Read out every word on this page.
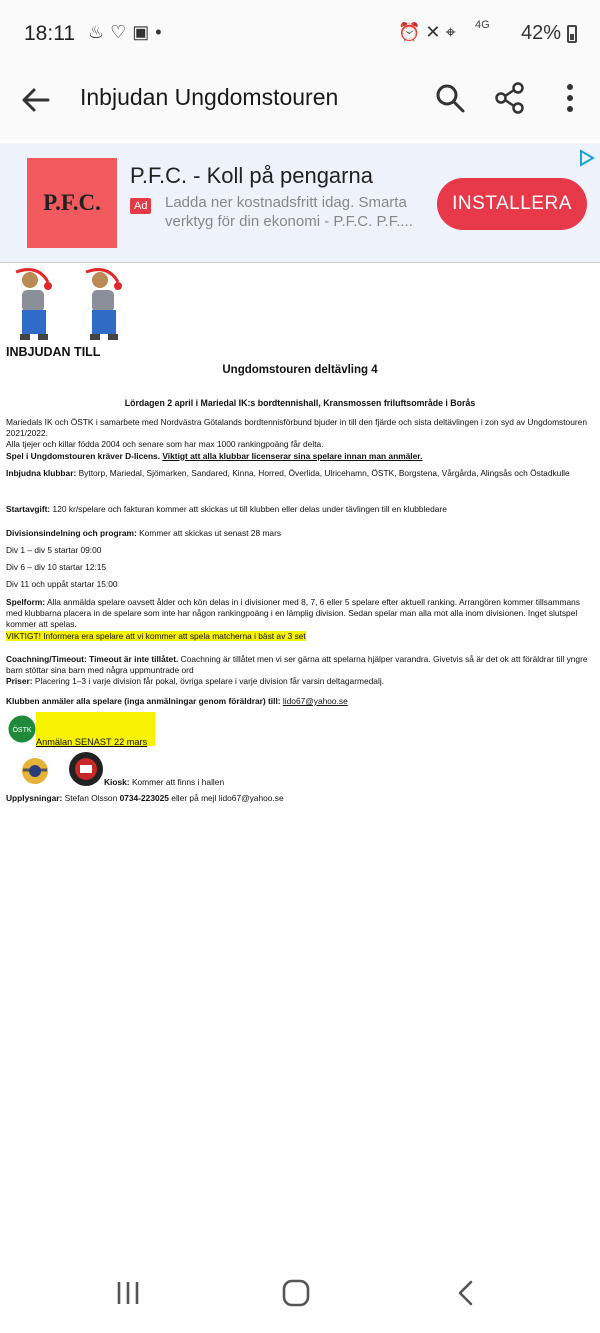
18:11 ♨♡▣•	⏰✕⌖ 4G 42%
Inbjudan Ungdomstouren
P.F.C.
P.F.C. - Koll på pengarna
Ad Ladda ner kostnadsfritt idag. Smarta verktyg för din ekonomi - P.F.C. P.F....
INSTALLERA
INBJUDAN TILL
Ungdomstouren deltävling 4
Lördagen 2 april i Mariedal IK:s bordtennishall, Kransmossen friluftsområde i Borås
Mariedals IK och ÖSTK i samarbete med Nordvästra Götalands bordtennisförbund bjuder in till den fjärde och sista deltävlingen i zon syd av Ungdomstouren 2021/2022.
Alla tjejer och killar födda 2004 och senare som har max 1000 rankingpoäng får delta.
Spel i Ungdomstouren kräver D-licens. Viktigt att alla klubbar licenserar sina spelare innan man anmäler.
Inbjudna klubbar: Byttorp, Mariedal, Sjömarken, Sandared, Kinna, Horred, Överlida, Ulricehamn, ÖSTK, Borgstena, Vårgårda, Alingsås och Östadkulle
Startavgift: 120 kr/spelare och fakturan kommer att skickas ut till klubben eller delas under tävlingen till en klubbledare
Divisionsindelning och program: Kommer att skickas ut senast 28 mars
Div 1 – div 5 startar 09:00
Div 6 – div 10 startar 12:15
Div 11 och uppåt startar 15:00
Spelform: Alla anmälda spelare oavsett ålder och kön delas in i divisioner med 8, 7, 6 eller 5 spelare efter aktuell ranking. Arrangören kommer tillsammans med klubbarna placera in de spelare som inte har någon rankingpoäng i en lämplig division. Sedan spelar man alla mot alla inom divisionen. Inget slutspel kommer att spelas.
VIKTIGT! Informera era spelare att vi kommer att spela matcherna i bäst av 3 set
Coachning/Timeout: Timeout är inte tillåtet. Coachning är tillåtet men vi ser gärna att spelarna hjälper varandra. Givetvis så är det ok att föräldrar till yngre barn stöttar sina barn med några uppmuntrade ord
Priser: Placering 1–3 i varje division får pokal, övriga spelare i varje division får varsin deltagarmedalj.
Klubben anmäler alla spelare (inga anmälningar genom föräldrar) till: lido67@yahoo.se
ÖSTK
Anmälan SENAST 22 mars
Kiosk: Kommer att finns i hallen
Upplysningar: Stefan Olsson 0734-223025 eller på mejl lido67@yahoo.se
